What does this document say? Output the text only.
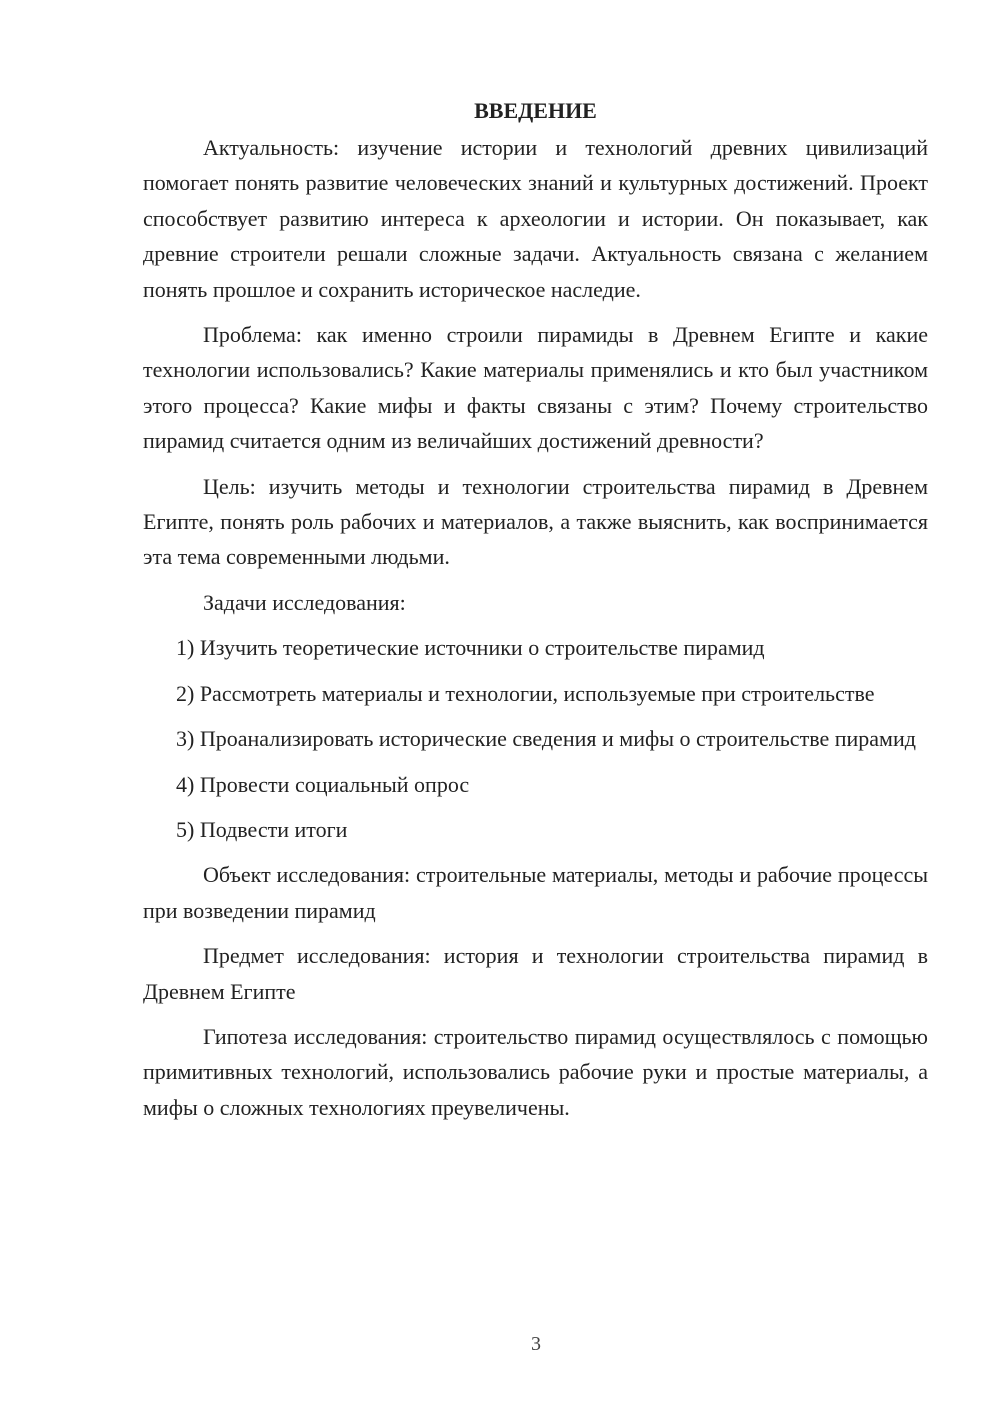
ВВЕДЕНИЕ

Актуальность: изучение истории и технологий древних цивилизаций помогает понять развитие человеческих знаний и культурных достижений. Проект способствует развитию интереса к археологии и истории. Он показывает, как древние строители решали сложные задачи. Актуальность связана с желанием понять прошлое и сохранить историческое наследие.

Проблема: как именно строили пирамиды в Древнем Египте и какие технологии использовались? Какие материалы применялись и кто был участником этого процесса? Какие мифы и факты связаны с этим? Почему строительство пирамид считается одним из величайших достижений древности?

Цель: изучить методы и технологии строительства пирамид в Древнем Египте, понять роль рабочих и материалов, а также выяснить, как воспринимается эта тема современными людьми.

Задачи исследования:

1) Изучить теоретические источники о строительстве пирамид

2) Рассмотреть материалы и технологии, используемые при строительстве

3) Проанализировать исторические сведения и мифы о строительстве пирамид

4) Провести социальный опрос

5) Подвести итоги

Объект исследования: строительные материалы, методы и рабочие процессы при возведении пирамид

Предмет исследования: история и технологии строительства пирамид в Древнем Египте

Гипотеза исследования: строительство пирамид осуществлялось с помощью примитивных технологий, использовались рабочие руки и простые материалы, а мифы о сложных технологиях преувеличены.

3
